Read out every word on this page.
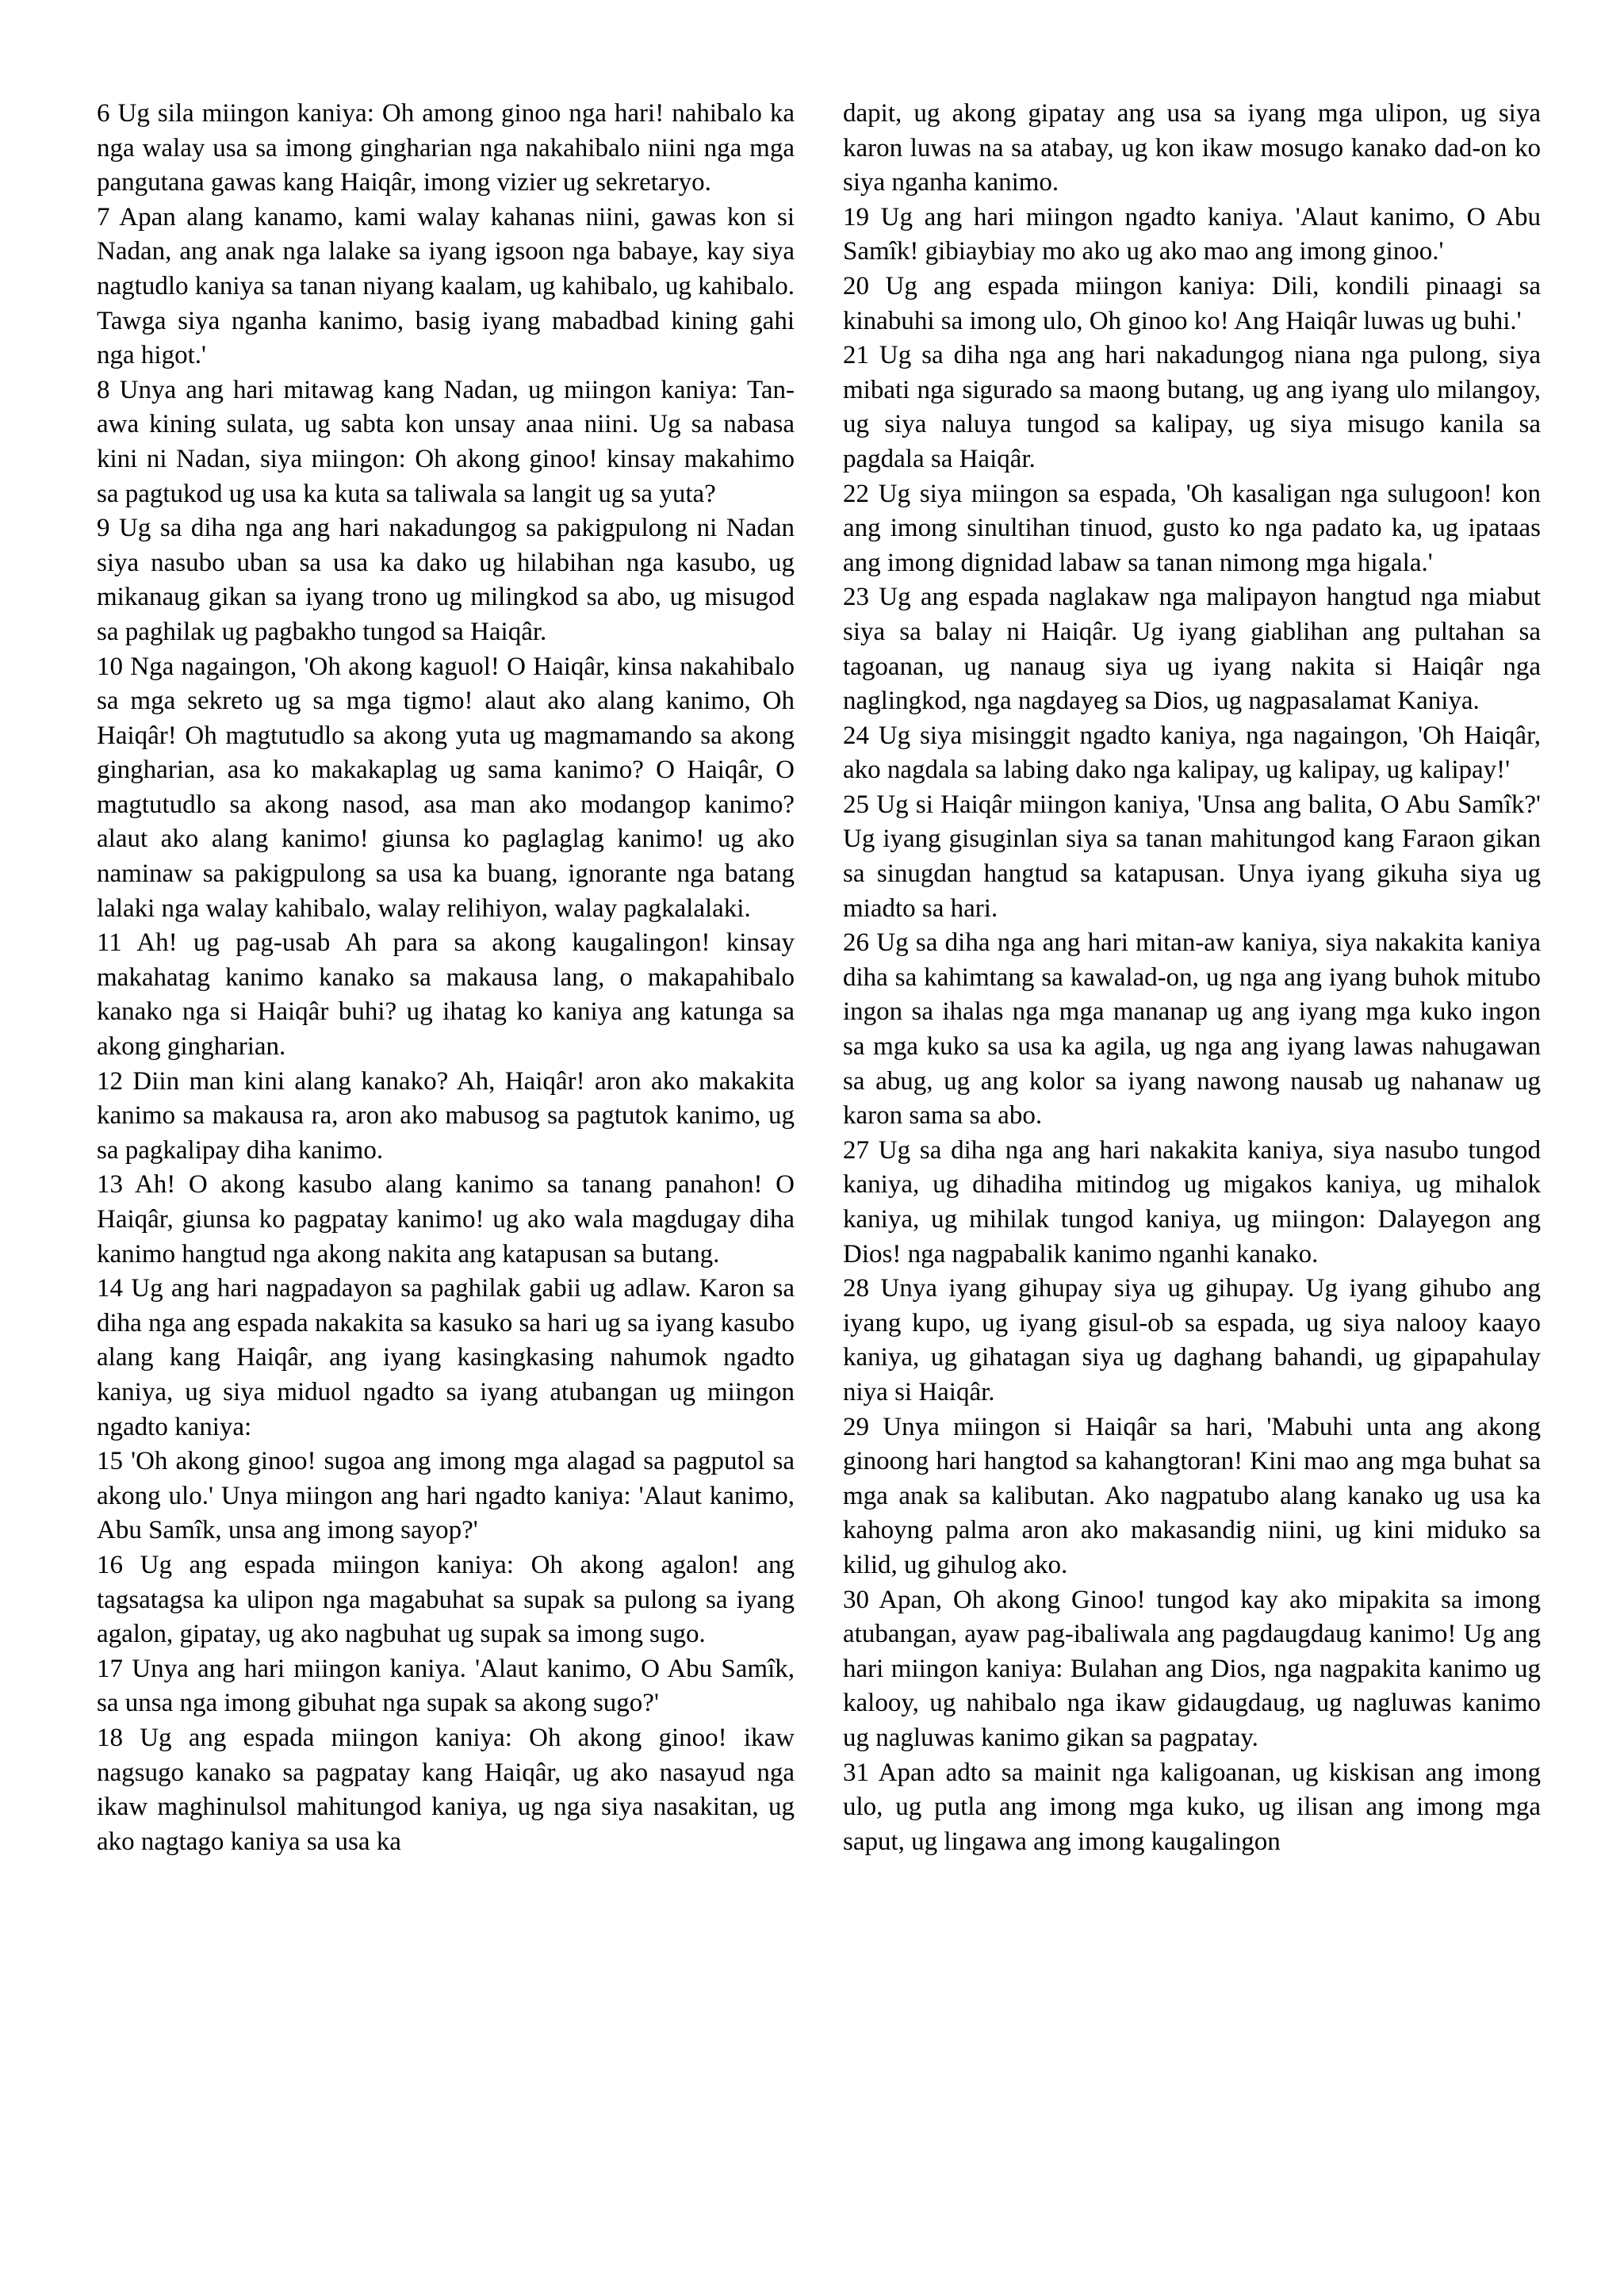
6 Ug sila miingon kaniya: Oh among ginoo nga hari! nahibalo ka nga walay usa sa imong gingharian nga nakahibalo niini nga mga pangutana gawas kang Haiqâr, imong vizier ug sekretaryo.

7 Apan alang kanamo, kami walay kahanas niini, gawas kon si Nadan, ang anak nga lalake sa iyang igsoon nga babaye, kay siya nagtudlo kaniya sa tanan niyang kaalam, ug kahibalo, ug kahibalo. Tawga siya nganha kanimo, basig iyang mabadbad kining gahi nga higot.'

8 Unya ang hari mitawag kang Nadan, ug miingon kaniya: Tan-awa kining sulata, ug sabta kon unsay anaa niini. Ug sa nabasa kini ni Nadan, siya miingon: Oh akong ginoo! kinsay makahimo sa pagtukod ug usa ka kuta sa taliwala sa langit ug sa yuta?

9 Ug sa diha nga ang hari nakadungog sa pakigpulong ni Nadan siya nasubo uban sa usa ka dako ug hilabihan nga kasubo, ug mikanaug gikan sa iyang trono ug milingkod sa abo, ug misugod sa paghilak ug pagbakho tungod sa Haiqâr.

10 Nga nagaingon, 'Oh akong kaguol! O Haiqâr, kinsa nakahibalo sa mga sekreto ug sa mga tigmo! alaut ako alang kanimo, Oh Haiqâr! Oh magtutudlo sa akong yuta ug magmamando sa akong gingharian, asa ko makakaplag ug sama kanimo? O Haiqâr, O magtutudlo sa akong nasod, asa man ako modangop kanimo? alaut ako alang kanimo! giunsa ko paglaglag kanimo! ug ako naminaw sa pakigpulong sa usa ka buang, ignorante nga batang lalaki nga walay kahibalo, walay relihiyon, walay pagkalalaki.

11 Ah! ug pag-usab Ah para sa akong kaugalingon! kinsay makahatag kanimo kanako sa makausa lang, o makapahibalo kanako nga si Haiqâr buhi? ug ihatag ko kaniya ang katunga sa akong gingharian.

12 Diin man kini alang kanako? Ah, Haiqâr! aron ako makakita kanimo sa makausa ra, aron ako mabusog sa pagtutok kanimo, ug sa pagkalipay diha kanimo.

13 Ah! O akong kasubo alang kanimo sa tanang panahon! O Haiqâr, giunsa ko pagpatay kanimo! ug ako wala magdugay diha kanimo hangtud nga akong nakita ang katapusan sa butang.

14 Ug ang hari nagpadayon sa paghilak gabii ug adlaw. Karon sa diha nga ang espada nakakita sa kasuko sa hari ug sa iyang kasubo alang kang Haiqâr, ang iyang kasingkasing nahumok ngadto kaniya, ug siya miduol ngadto sa iyang atubangan ug miingon ngadto kaniya:

15 'Oh akong ginoo! sugoa ang imong mga alagad sa pagputol sa akong ulo.' Unya miingon ang hari ngadto kaniya: 'Alaut kanimo, Abu Samîk, unsa ang imong sayop?'

16 Ug ang espada miingon kaniya: Oh akong agalon! ang tagsatagsa ka ulipon nga magabuhat sa supak sa pulong sa iyang agalon, gipatay, ug ako nagbuhat ug supak sa imong sugo.

17 Unya ang hari miingon kaniya. 'Alaut kanimo, O Abu Samîk, sa unsa nga imong gibuhat nga supak sa akong sugo?'

18 Ug ang espada miingon kaniya: Oh akong ginoo! ikaw nagsugo kanako sa pagpatay kang Haiqâr, ug ako nasayud nga ikaw maghinulsol mahitungod kaniya, ug nga siya nasakitan, ug ako nagtago kaniya sa usa ka

dapit, ug akong gipatay ang usa sa iyang mga ulipon, ug siya karon luwas na sa atabay, ug kon ikaw mosugo kanako dad-on ko siya nganha kanimo.

19 Ug ang hari miingon ngadto kaniya. 'Alaut kanimo, O Abu Samîk! gibiaybiay mo ako ug ako mao ang imong ginoo.'

20 Ug ang espada miingon kaniya: Dili, kondili pinaagi sa kinabuhi sa imong ulo, Oh ginoo ko! Ang Haiqâr luwas ug buhi.'

21 Ug sa diha nga ang hari nakadungog niana nga pulong, siya mibati nga sigurado sa maong butang, ug ang iyang ulo milangoy, ug siya naluya tungod sa kalipay, ug siya misugo kanila sa pagdala sa Haiqâr.

22 Ug siya miingon sa espada, 'Oh kasaligan nga sulugoon! kon ang imong sinultihan tinuod, gusto ko nga padato ka, ug ipataas ang imong dignidad labaw sa tanan nimong mga higala.'

23 Ug ang espada naglakaw nga malipayon hangtud nga miabut siya sa balay ni Haiqâr. Ug iyang giablihan ang pultahan sa tagoanan, ug nanaug siya ug iyang nakita si Haiqâr nga naglingkod, nga nagdayeg sa Dios, ug nagpasalamat Kaniya.

24 Ug siya misinggit ngadto kaniya, nga nagaingon, 'Oh Haiqâr, ako nagdala sa labing dako nga kalipay, ug kalipay, ug kalipay!'

25 Ug si Haiqâr miingon kaniya, 'Unsa ang balita, O Abu Samîk?' Ug iyang gisuginlan siya sa tanan mahitungod kang Faraon gikan sa sinugdan hangtud sa katapusan. Unya iyang gikuha siya ug miadto sa hari.

26 Ug sa diha nga ang hari mitan-aw kaniya, siya nakakita kaniya diha sa kahimtang sa kawalad-on, ug nga ang iyang buhok mitubo ingon sa ihalas nga mga mananap ug ang iyang mga kuko ingon sa mga kuko sa usa ka agila, ug nga ang iyang lawas nahugawan sa abug, ug ang kolor sa iyang nawong nausab ug nahanaw ug karon sama sa abo.

27 Ug sa diha nga ang hari nakakita kaniya, siya nasubo tungod kaniya, ug dihadiha mitindog ug migakos kaniya, ug mihalok kaniya, ug mihilak tungod kaniya, ug miingon: Dalayegon ang Dios! nga nagpabalik kanimo nganhi kanako.

28 Unya iyang gihupay siya ug gihupay. Ug iyang gihubo ang iyang kupo, ug iyang gisul-ob sa espada, ug siya nalooy kaayo kaniya, ug gihatagan siya ug daghang bahandi, ug gipapahulay niya si Haiqâr.

29 Unya miingon si Haiqâr sa hari, 'Mabuhi unta ang akong ginoong hari hangtod sa kahangtoran! Kini mao ang mga buhat sa mga anak sa kalibutan. Ako nagpatubo alang kanako ug usa ka kahoyng palma aron ako makasandig niini, ug kini miduko sa kilid, ug gihulog ako.

30 Apan, Oh akong Ginoo! tungod kay ako mipakita sa imong atubangan, ayaw pag-ibaliwala ang pagdaugdaug kanimo! Ug ang hari miingon kaniya: Bulahan ang Dios, nga nagpakita kanimo ug kalooy, ug nahibalo nga ikaw gidaugdaug, ug nagluwas kanimo ug nagluwas kanimo gikan sa pagpatay.

31 Apan adto sa mainit nga kaligoanan, ug kiskisan ang imong ulo, ug putla ang imong mga kuko, ug ilisan ang imong mga saput, ug lingawa ang imong kaugalingon
